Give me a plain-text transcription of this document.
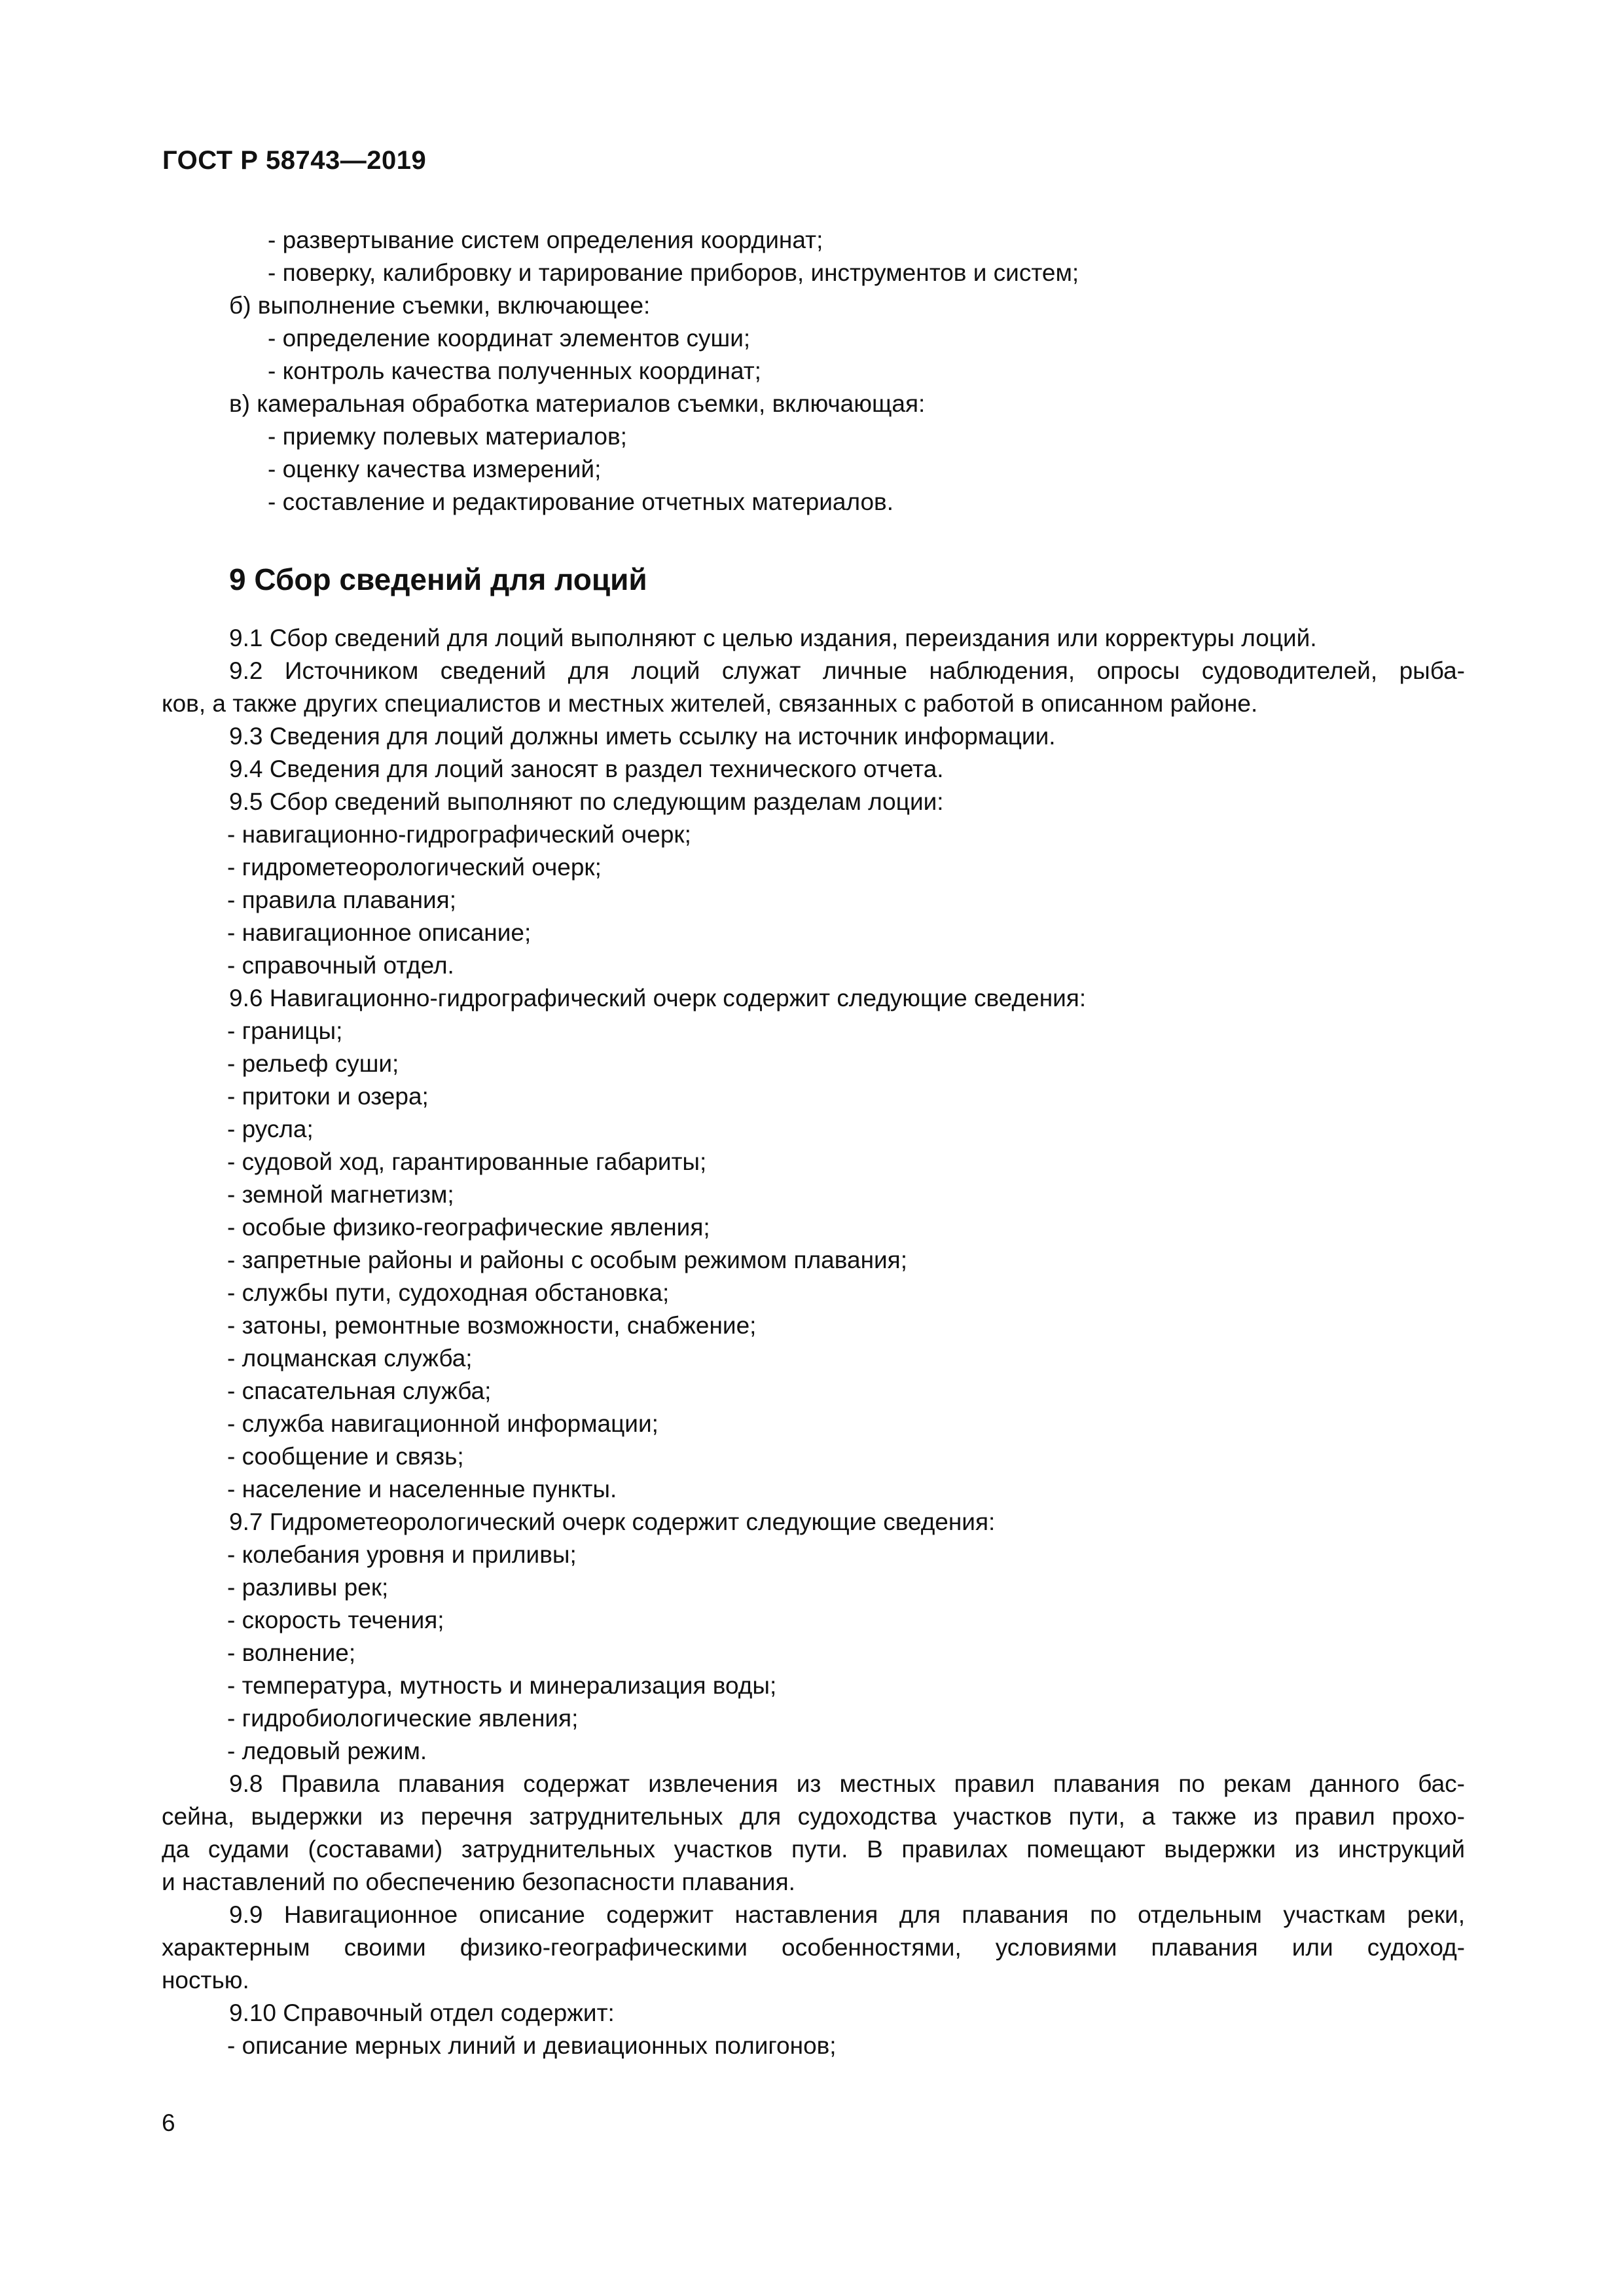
ГОСТ Р 58743—2019
- развертывание систем определения координат;
- поверку, калибровку и тарирование приборов, инструментов и систем;
б) выполнение съемки, включающее:
- определение координат элементов суши;
- контроль качества полученных координат;
в) камеральная обработка материалов съемки, включающая:
- приемку полевых материалов;
- оценку качества измерений;
- составление и редактирование отчетных материалов.
9 Сбор сведений для лоций
9.1 Сбор сведений для лоций выполняют с целью издания, переиздания или корректуры лоций.
9.2 Источником сведений для лоций служат личные наблюдения, опросы судоводителей, рыба-
ков, а также других специалистов и местных жителей, связанных с работой в описанном районе.
9.3 Сведения для лоций должны иметь ссылку на источник информации.
9.4 Сведения для лоций заносят в раздел технического отчета.
9.5 Сбор сведений выполняют по следующим разделам лоции:
- навигационно-гидрографический очерк;
- гидрометеорологический очерк;
- правила плавания;
- навигационное описание;
- справочный отдел.
9.6 Навигационно-гидрографический очерк содержит следующие сведения:
- границы;
- рельеф суши;
- притоки и озера;
- русла;
- судовой ход, гарантированные габариты;
- земной магнетизм;
- особые физико-географические явления;
- запретные районы и районы с особым режимом плавания;
- службы пути, судоходная обстановка;
- затоны, ремонтные возможности, снабжение;
- лоцманская служба;
- спасательная служба;
- служба навигационной информации;
- сообщение и связь;
- население и населенные пункты.
9.7 Гидрометеорологический очерк содержит следующие сведения:
- колебания уровня и приливы;
- разливы рек;
- скорость течения;
- волнение;
- температура, мутность и минерализация воды;
- гидробиологические явления;
- ледовый режим.
9.8 Правила плавания содержат извлечения из местных правил плавания по рекам данного бас-
сейна, выдержки из перечня затруднительных для судоходства участков пути, а также из правил прохо-
да судами (составами) затруднительных участков пути. В правилах помещают выдержки из инструкций
и наставлений по обеспечению безопасности плавания.
9.9 Навигационное описание содержит наставления для плавания по отдельным участкам реки,
характерным своими физико-географическими особенностями, условиями плавания или судоход-
ностью.
9.10 Справочный отдел содержит:
- описание мерных линий и девиационных полигонов;
6
